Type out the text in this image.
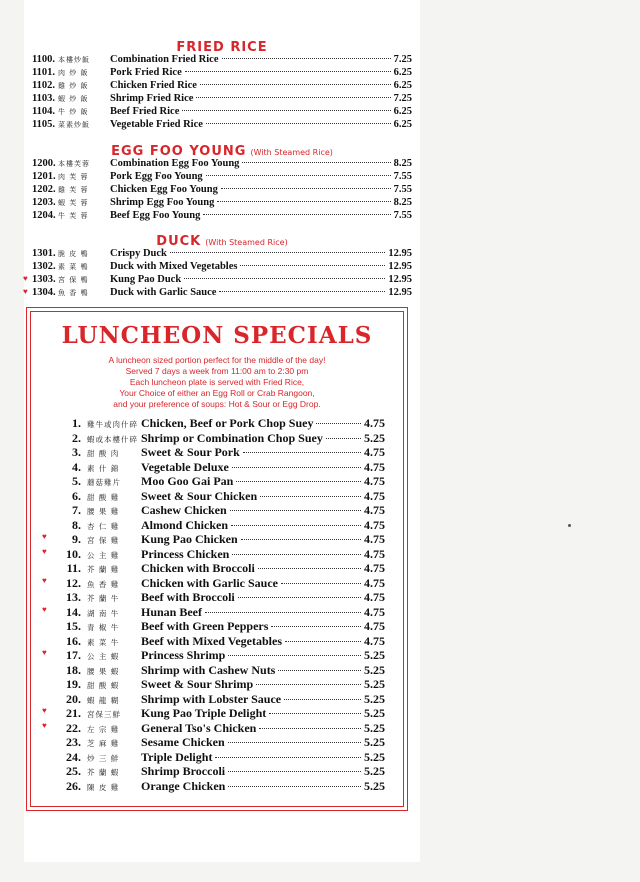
FRIED RICE
1100. 本樓炒飯	Combination Fried Rice	7.25
1101. 肉 炒 飯	Pork Fried Rice	6.25
1102. 雞 炒 飯	Chicken Fried Rice	6.25
1103. 蝦 炒 飯	Shrimp Fried Rice	7.25
1104. 牛 炒 飯	Beef Fried Rice	6.25
1105. 菜素炒飯	Vegetable Fried Rice	6.25
EGG FOO YOUNG (With Steamed Rice)
1200. 本樓芙蓉	Combination Egg Foo Young	8.25
1201. 肉 芙 蓉	Pork Egg Foo Young	7.55
1202. 雞 芙 蓉	Chicken Egg Foo Young	7.55
1203. 蝦 芙 蓉	Shrimp Egg Foo Young	8.25
1204. 牛 芙 蓉	Beef Egg Foo Young	7.55
DUCK (With Steamed Rice)
1301. 脆 皮 鴨	Crispy Duck	12.95
1302. 素 菜 鴨	Duck with Mixed Vegetables	12.95
♥ 1303. 宮 保 鴨	Kung Pao Duck	12.95
♥ 1304. 魚 香 鴨	Duck with Garlic Sauce	12.95
LUNCHEON SPECIALS
A luncheon sized portion perfect for the middle of the day!
Served 7 days a week from 11:00 am to 2:30 pm
Each luncheon plate is served with Fried Rice,
Your Choice of either an Egg Roll or Crab Rangoon,
and your preference of soups: Hot & Sour or Egg Drop.
1. 雞牛或肉什碎 Chicken, Beef or Pork Chop Suey	4.75
2. 蝦或本樓什碎 Shrimp or Combination Chop Suey	5.25
3. 甜 酸 肉	Sweet & Sour Pork	4.75
4. 素 什 錦	Vegetable Deluxe	4.75
5. 蘑菇雞片	Moo Goo Gai Pan	4.75
6. 甜 酸 雞	Sweet & Sour Chicken	4.75
7. 腰 果 雞	Cashew Chicken	4.75
8. 杏 仁 雞	Almond Chicken	4.75
♥	9. 宮 保 雞	Kung Pao Chicken	4.75
♥	10. 公 主 雞	Princess Chicken	4.75
11. 芥 蘭 雞	Chicken with Broccoli	4.75
♥	12. 魚 香 雞	Chicken with Garlic Sauce	4.75
13. 芥 蘭 牛	Beef with Broccoli	4.75
♥	14. 湖 南 牛	Hunan Beef	4.75
15. 青 椒 牛	Beef with Green Peppers	4.75
16. 素 菜 牛	Beef with Mixed Vegetables	4.75
♥	17. 公 主 蝦	Princess Shrimp	5.25
18. 腰 果 蝦	Shrimp with Cashew Nuts	5.25
19. 甜 酸 蝦	Sweet & Sour Shrimp	5.25
20. 蝦 龍 糊	Shrimp with Lobster Sauce	5.25
♥	21. 宮保三鮮	Kung Pao Triple Delight	5.25
♥	22. 左 宗 雞	General Tso's Chicken	5.25
23. 芝 麻 雞	Sesame Chicken	5.25
24. 炒 三 鮮	Triple Delight	5.25
25. 芥 蘭 蝦	Shrimp Broccoli	5.25
26. 陳 皮 雞	Orange Chicken	5.25
